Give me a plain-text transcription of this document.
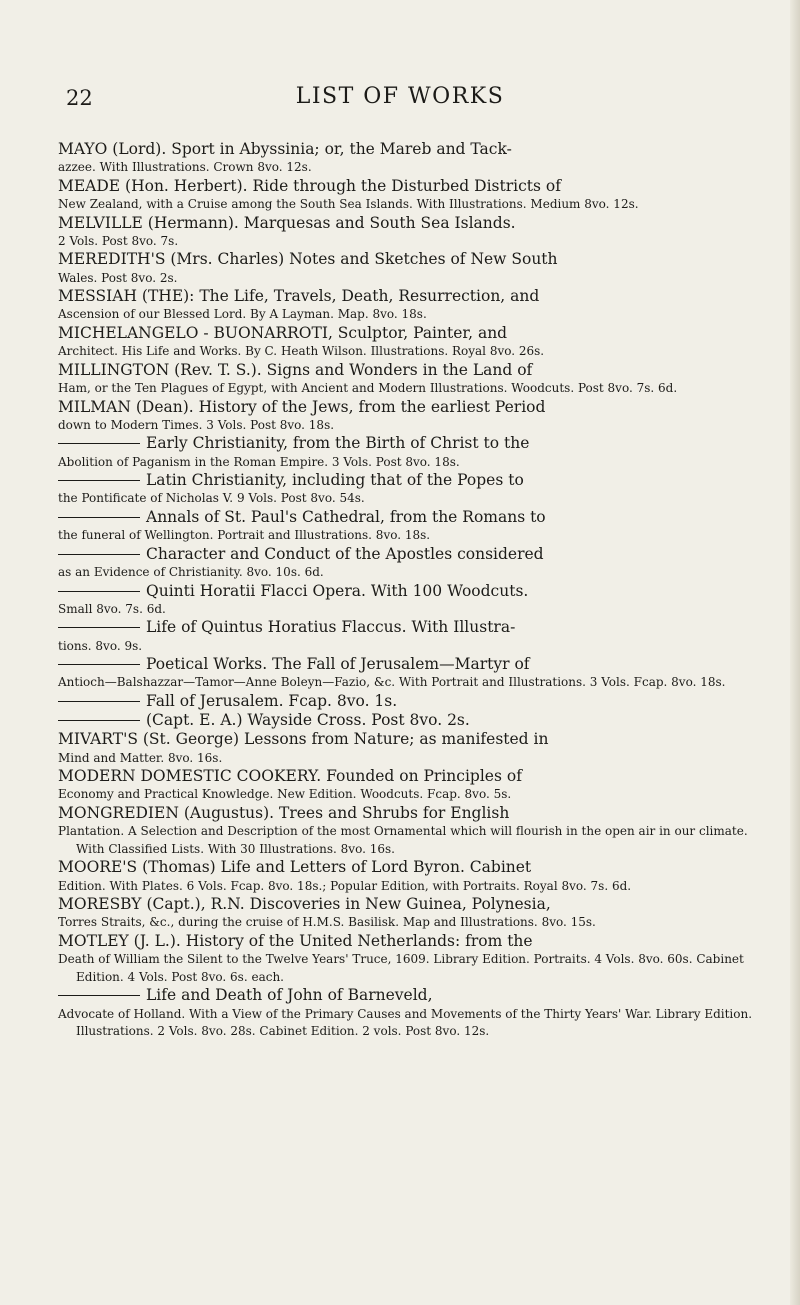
22	LIST OF WORKS

MAYO (Lord). Sport in Abyssinia; or, the Mareb and Tack-

azzee. With Illustrations. Crown 8vo. 12s.

MEADE (Hon. Herbert). Ride through the Disturbed Districts of

New Zealand, with a Cruise among the South Sea Islands. With Illustrations. Medium 8vo. 12s.

MELVILLE (Hermann). Marquesas and South Sea Islands.

2 Vols. Post 8vo. 7s.

MEREDITH'S (Mrs. Charles) Notes and Sketches of New South

Wales. Post 8vo. 2s.

MESSIAH (THE): The Life, Travels, Death, Resurrection, and

Ascension of our Blessed Lord. By A Layman. Map. 8vo. 18s.

MICHELANGELO - BUONARROTI, Sculptor, Painter, and

Architect. His Life and Works. By C. Heath Wilson. Illustrations. Royal 8vo. 26s.

MILLINGTON (Rev. T. S.). Signs and Wonders in the Land of

Ham, or the Ten Plagues of Egypt, with Ancient and Modern Illustrations. Woodcuts. Post 8vo. 7s. 6d.

MILMAN (Dean). History of the Jews, from the earliest Period

down to Modern Times. 3 Vols. Post 8vo. 18s.

Early Christianity, from the Birth of Christ to the

Abolition of Paganism in the Roman Empire. 3 Vols. Post 8vo. 18s.

Latin Christianity, including that of the Popes to

the Pontificate of Nicholas V. 9 Vols. Post 8vo. 54s.

Annals of St. Paul's Cathedral, from the Romans to

the funeral of Wellington. Portrait and Illustrations. 8vo. 18s.

Character and Conduct of the Apostles considered

as an Evidence of Christianity. 8vo. 10s. 6d.

Quinti Horatii Flacci Opera. With 100 Woodcuts.

Small 8vo. 7s. 6d.

Life of Quintus Horatius Flaccus. With Illustra-

tions. 8vo. 9s.

Poetical Works. The Fall of Jerusalem—Martyr of

Antioch—Balshazzar—Tamor—Anne Boleyn—Fazio, &c. With Portrait and Illustrations. 3 Vols. Fcap. 8vo. 18s.

Fall of Jerusalem. Fcap. 8vo. 1s.

(Capt. E. A.) Wayside Cross. Post 8vo. 2s.

MIVART'S (St. George) Lessons from Nature; as manifested in

Mind and Matter. 8vo. 16s.

MODERN DOMESTIC COOKERY. Founded on Principles of

Economy and Practical Knowledge. New Edition. Woodcuts. Fcap. 8vo. 5s.

MONGREDIEN (Augustus). Trees and Shrubs for English

Plantation. A Selection and Description of the most Ornamental which will flourish in the open air in our climate. With Classified Lists. With 30 Illustrations. 8vo. 16s.

MOORE'S (Thomas) Life and Letters of Lord Byron. Cabinet

Edition. With Plates. 6 Vols. Fcap. 8vo. 18s.; Popular Edition, with Portraits. Royal 8vo. 7s. 6d.

MORESBY (Capt.), R.N. Discoveries in New Guinea, Polynesia,

Torres Straits, &c., during the cruise of H.M.S. Basilisk. Map and Illustrations. 8vo. 15s.

MOTLEY (J. L.). History of the United Netherlands: from the

Death of William the Silent to the Twelve Years' Truce, 1609. Library Edition. Portraits. 4 Vols. 8vo. 60s. Cabinet Edition. 4 Vols. Post 8vo. 6s. each.

Life and Death of John of Barneveld,

Advocate of Holland. With a View of the Primary Causes and Movements of the Thirty Years' War. Library Edition. Illustrations. 2 Vols. 8vo. 28s. Cabinet Edition. 2 vols. Post 8vo. 12s.
